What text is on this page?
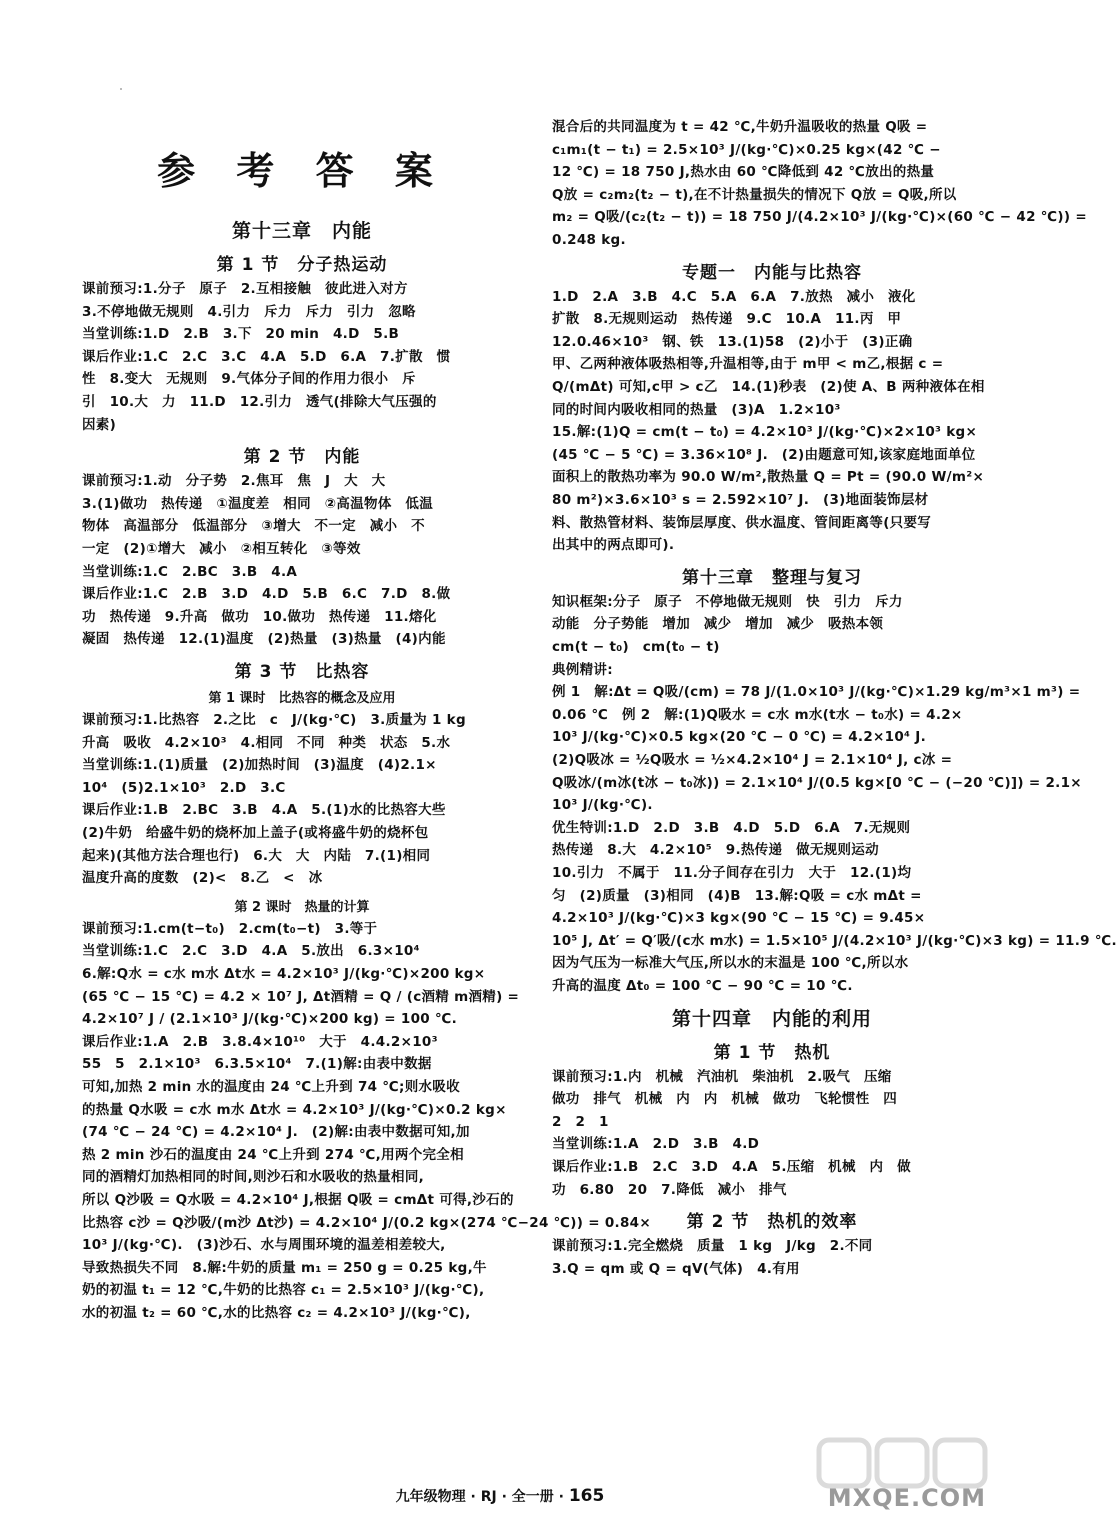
参 考 答 案
第十三章　内能
第 1 节　分子热运动
课前预习:1.分子　原子　2.互相接触　彼此进入对方
3.不停地做无规则　4.引力　斥力　斥力　引力　忽略
当堂训练:1.D　2.B　3.下　20 min　4.D　5.B
课后作业:1.C　2.C　3.C　4.A　5.D　6.A　7.扩散　惯
性　8.变大　无规则　9.气体分子间的作用力很小　斥
引　10.大　力　11.D　12.引力　透气(排除大气压强的
因素)
第 2 节　内能
课前预习:1.动　分子势　2.焦耳　焦　J　大　大
3.(1)做功　热传递　①温度差　相同　②高温物体　低温
物体　高温部分　低温部分　③增大　不一定　减小　不
一定　(2)①增大　减小　②相互转化　③等效
当堂训练:1.C　2.BC　3.B　4.A
课后作业:1.C　2.B　3.D　4.D　5.B　6.C　7.D　8.做
功　热传递　9.升高　做功　10.做功　热传递　11.熔化
凝固　热传递　12.(1)温度　(2)热量　(3)热量　(4)内能
第 3 节　比热容
第 1 课时　比热容的概念及应用
课前预习:1.比热容　2.之比　c　J/(kg·℃)　3.质量为 1 kg
升高　吸收　4.2×10³　4.相同　不同　种类　状态　5.水
当堂训练:1.(1)质量　(2)加热时间　(3)温度　(4)2.1×
10⁴　(5)2.1×10³　2.D　3.C
课后作业:1.B　2.BC　3.B　4.A　5.(1)水的比热容大些
(2)牛奶　给盛牛奶的烧杯加上盖子(或将盛牛奶的烧杯包
起来)(其他方法合理也行)　6.大　大　内陆　7.(1)相同
温度升高的度数　(2)<　8.乙　<　冰
第 2 课时　热量的计算
课前预习:1.cm(t−t₀)　2.cm(t₀−t)　3.等于
当堂训练:1.C　2.C　3.D　4.A　5.放出　6.3×10⁴
6.解:Q水 = c水 m水 Δt水 = 4.2×10³ J/(kg·℃)×200 kg×
(65 ℃ − 15 ℃) = 4.2 × 10⁷ J, Δt酒精 = Q / (c酒精 m酒精) =
4.2×10⁷ J / (2.1×10³ J/(kg·℃)×200 kg) = 100 ℃.
课后作业:1.A　2.B　3.8.4×10¹⁰　大于　4.4.2×10³
55　5　2.1×10³　6.3.5×10⁴　7.(1)解:由表中数据
可知,加热 2 min 水的温度由 24 ℃上升到 74 ℃;则水吸收
的热量 Q水吸 = c水 m水 Δt水 = 4.2×10³ J/(kg·℃)×0.2 kg×
(74 ℃ − 24 ℃) = 4.2×10⁴ J.　(2)解:由表中数据可知,加
热 2 min 沙石的温度由 24 ℃上升到 274 ℃,用两个完全相
同的酒精灯加热相同的时间,则沙石和水吸收的热量相同,
所以 Q沙吸 = Q水吸 = 4.2×10⁴ J,根据 Q吸 = cmΔt 可得,沙石的
比热容 c沙 = Q沙吸/(m沙 Δt沙) = 4.2×10⁴ J/(0.2 kg×(274 ℃−24 ℃)) = 0.84×
10³ J/(kg·℃).　(3)沙石、水与周围环境的温差相差较大,
导致热损失不同　8.解:牛奶的质量 m₁ = 250 g = 0.25 kg,牛
奶的初温 t₁ = 12 ℃,牛奶的比热容 c₁ = 2.5×10³ J/(kg·℃),
水的初温 t₂ = 60 ℃,水的比热容 c₂ = 4.2×10³ J/(kg·℃),
混合后的共同温度为 t = 42 ℃,牛奶升温吸收的热量 Q吸 =
c₁m₁(t − t₁) = 2.5×10³ J/(kg·℃)×0.25 kg×(42 ℃ −
12 ℃) = 18 750 J,热水由 60 ℃降低到 42 ℃放出的热量
Q放 = c₂m₂(t₂ − t),在不计热量损失的情况下 Q放 = Q吸,所以
m₂ = Q吸/(c₂(t₂ − t)) = 18 750 J/(4.2×10³ J/(kg·℃)×(60 ℃ − 42 ℃)) =
0.248 kg.
专题一　内能与比热容
1.D　2.A　3.B　4.C　5.A　6.A　7.放热　减小　液化
扩散　8.无规则运动　热传递　9.C　10.A　11.丙　甲
12.0.46×10³　钢、铁　13.(1)58　(2)小于　(3)正确
甲、乙两种液体吸热相等,升温相等,由于 m甲 < m乙,根据 c =
Q/(mΔt) 可知,c甲 > c乙　14.(1)秒表　(2)使 A、B 两种液体在相
同的时间内吸收相同的热量　(3)A　1.2×10³
15.解:(1)Q = cm(t − t₀) = 4.2×10³ J/(kg·℃)×2×10³ kg×
(45 ℃ − 5 ℃) = 3.36×10⁸ J.　(2)由题意可知,该家庭地面单位
面积上的散热功率为 90.0 W/m²,散热量 Q = Pt = (90.0 W/m²×
80 m²)×3.6×10³ s = 2.592×10⁷ J.　(3)地面装饰层材
料、散热管材料、装饰层厚度、供水温度、管间距离等(只要写
出其中的两点即可).
第十三章　整理与复习
知识框架:分子　原子　不停地做无规则　快　引力　斥力
动能　分子势能　增加　减少　增加　减少　吸热本领
cm(t − t₀)　cm(t₀ − t)
典例精讲:
例 1　解:Δt = Q吸/(cm) = 78 J/(1.0×10³ J/(kg·℃)×1.29 kg/m³×1 m³) =
0.06 ℃　例 2　解:(1)Q吸水 = c水 m水(t水 − t₀水) = 4.2×
10³ J/(kg·℃)×0.5 kg×(20 ℃ − 0 ℃) = 4.2×10⁴ J.
(2)Q吸冰 = ½Q吸水 = ½×4.2×10⁴ J = 2.1×10⁴ J, c冰 =
Q吸冰/(m冰(t冰 − t₀冰)) = 2.1×10⁴ J/(0.5 kg×[0 ℃ − (−20 ℃)]) = 2.1×
10³ J/(kg·℃).
优生特训:1.D　2.D　3.B　4.D　5.D　6.A　7.无规则
热传递　8.大　4.2×10⁵　9.热传递　做无规则运动
10.引力　不属于　11.分子间存在引力　大于　12.(1)均
匀　(2)质量　(3)相同　(4)B　13.解:Q吸 = c水 mΔt =
4.2×10³ J/(kg·℃)×3 kg×(90 ℃ − 15 ℃) = 9.45×
10⁵ J, Δt′ = Q′吸/(c水 m水) = 1.5×10⁵ J/(4.2×10³ J/(kg·℃)×3 kg) = 11.9 ℃.
因为气压为一标准大气压,所以水的末温是 100 ℃,所以水
升高的温度 Δt₀ = 100 ℃ − 90 ℃ = 10 ℃.
第十四章　内能的利用
第 1 节　热机
课前预习:1.内　机械　汽油机　柴油机　2.吸气　压缩
做功　排气　机械　内　内　机械　做功　飞轮惯性　四
2　2　1
当堂训练:1.A　2.D　3.B　4.D
课后作业:1.B　2.C　3.D　4.A　5.压缩　机械　内　做
功　6.80　20　7.降低　减小　排气
第 2 节　热机的效率
课前预习:1.完全燃烧　质量　1 kg　J/kg　2.不同
3.Q = qm 或 Q = qV(气体)　4.有用
九年级物理 · RJ · 全一册 · 165	MXQE.COM
